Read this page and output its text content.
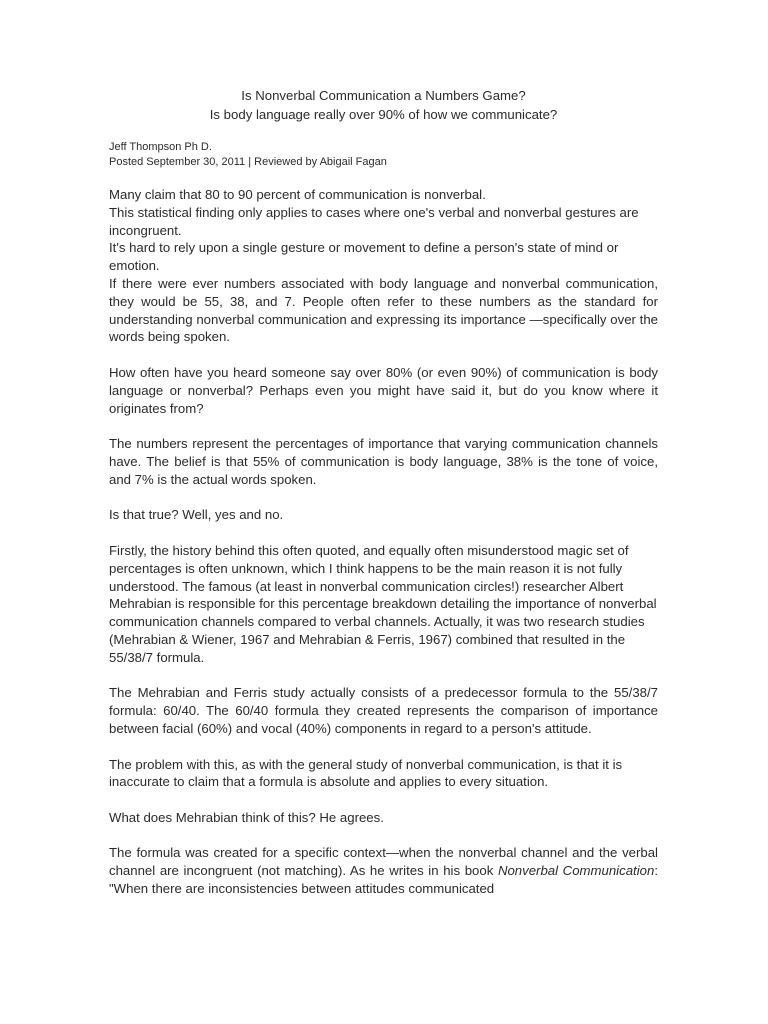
Is Nonverbal Communication a Numbers Game?
Is body language really over 90% of how we communicate?
Jeff Thompson Ph D.
Posted September 30, 2011 | Reviewed by Abigail Fagan

Many claim that 80 to 90 percent of communication is nonverbal.
This statistical finding only applies to cases where one's verbal and nonverbal gestures are incongruent.
It's hard to rely upon a single gesture or movement to define a person's state of mind or emotion.
If there were ever numbers associated with body language and nonverbal communication, they would be 55, 38, and 7. People often refer to these numbers as the standard for understanding nonverbal communication and expressing its importance —specifically over the words being spoken.

How often have you heard someone say over 80% (or even 90%) of communication is body language or nonverbal? Perhaps even you might have said it, but do you know where it originates from?

The numbers represent the percentages of importance that varying communication channels have. The belief is that 55% of communication is body language, 38% is the tone of voice, and 7% is the actual words spoken.

Is that true? Well, yes and no.

Firstly, the history behind this often quoted, and equally often misunderstood magic set of percentages is often unknown, which I think happens to be the main reason it is not fully understood. The famous (at least in nonverbal communication circles!) researcher Albert Mehrabian is responsible for this percentage breakdown detailing the importance of nonverbal communication channels compared to verbal channels. Actually, it was two research studies (Mehrabian & Wiener, 1967 and Mehrabian & Ferris, 1967) combined that resulted in the 55/38/7 formula.

The Mehrabian and Ferris study actually consists of a predecessor formula to the 55/38/7 formula: 60/40. The 60/40 formula they created represents the comparison of importance between facial (60%) and vocal (40%) components in regard to a person's attitude.

The problem with this, as with the general study of nonverbal communication, is that it is inaccurate to claim that a formula is absolute and applies to every situation.

What does Mehrabian think of this? He agrees.

The formula was created for a specific context—when the nonverbal channel and the verbal channel are incongruent (not matching). As he writes in his book Nonverbal Communication: "When there are inconsistencies between attitudes communicated
